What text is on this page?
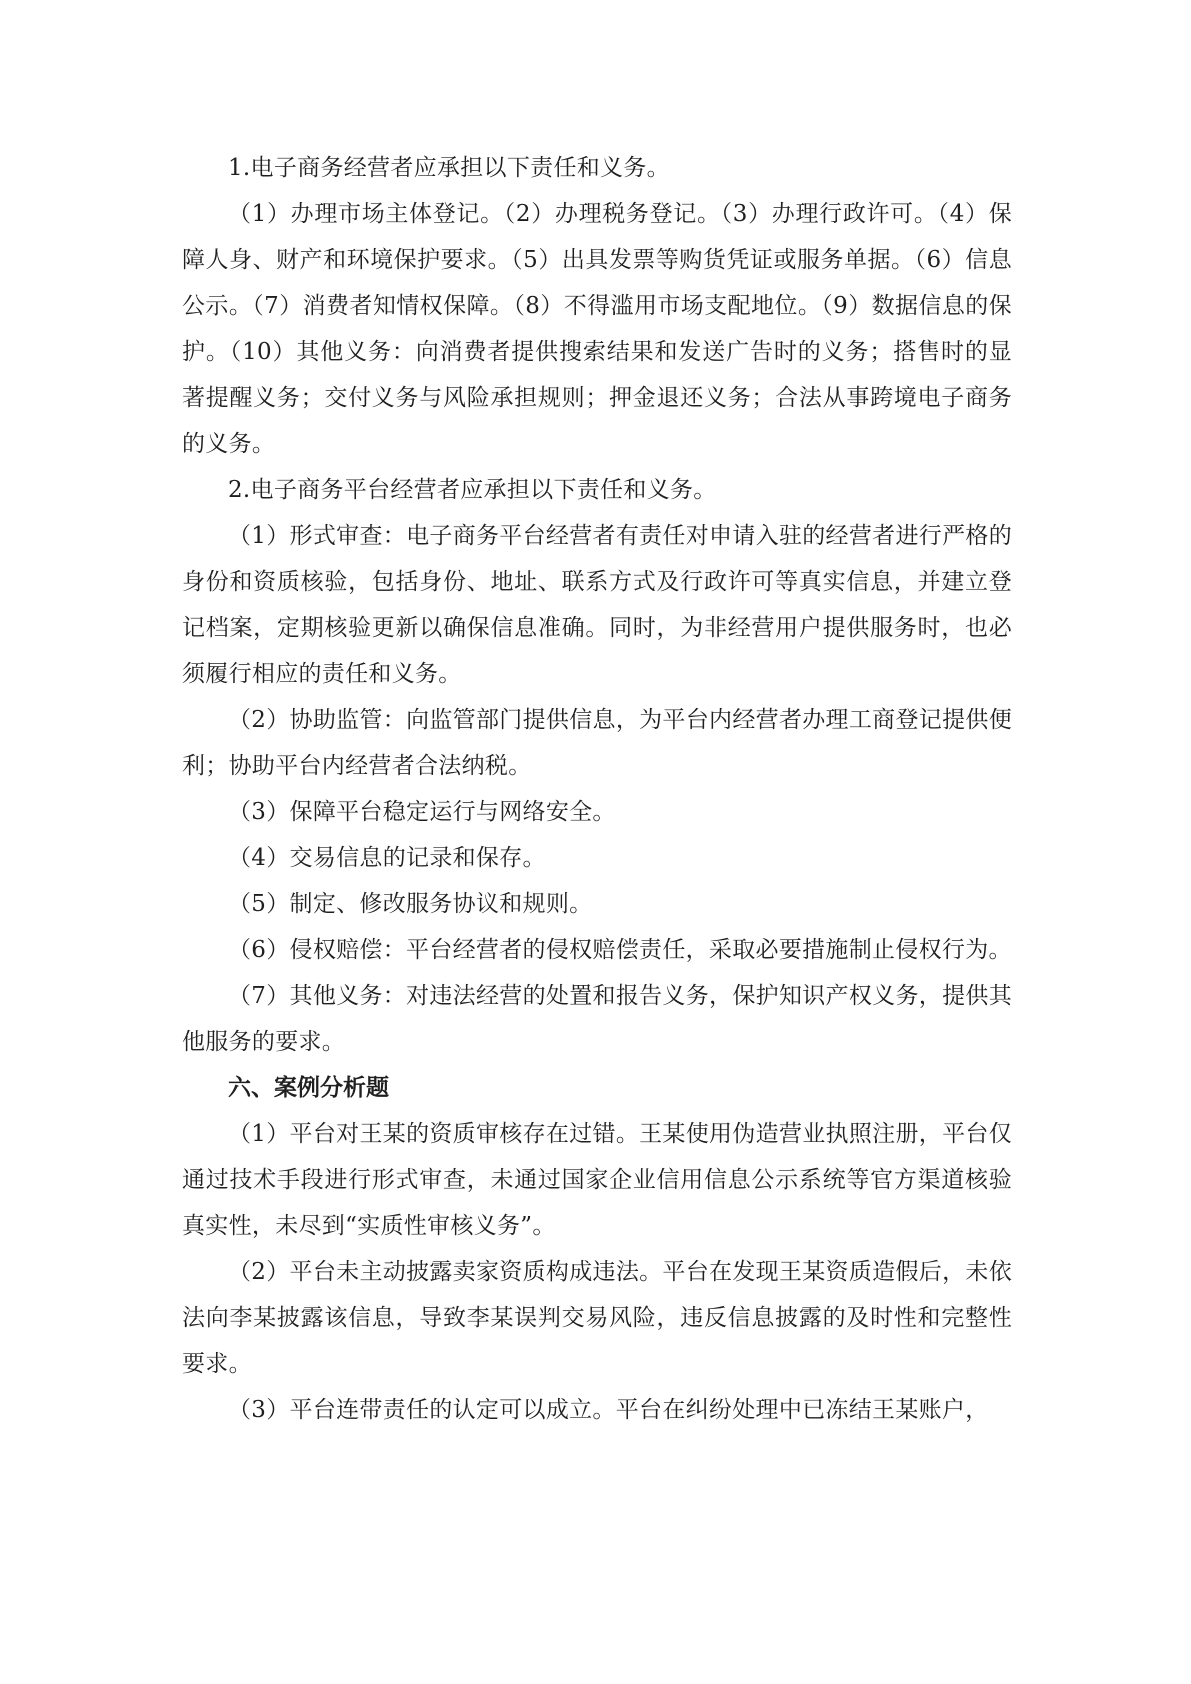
1.电子商务经营者应承担以下责任和义务。

（1）办理市场主体登记。（2）办理税务登记。（3）办理行政许可。（4）保障人身、财产和环境保护要求。（5）出具发票等购货凭证或服务单据。（6）信息公示。（7）消费者知情权保障。（8）不得滥用市场支配地位。（9）数据信息的保护。（10）其他义务：向消费者提供搜索结果和发送广告时的义务；搭售时的显著提醒义务；交付义务与风险承担规则；押金退还义务；合法从事跨境电子商务的义务。

2.电子商务平台经营者应承担以下责任和义务。

（1）形式审查：电子商务平台经营者有责任对申请入驻的经营者进行严格的身份和资质核验，包括身份、地址、联系方式及行政许可等真实信息，并建立登记档案，定期核验更新以确保信息准确。同时，为非经营用户提供服务时，也必须履行相应的责任和义务。

（2）协助监管：向监管部门提供信息，为平台内经营者办理工商登记提供便利；协助平台内经营者合法纳税。

（3）保障平台稳定运行与网络安全。

（4）交易信息的记录和保存。

（5）制定、修改服务协议和规则。

（6）侵权赔偿：平台经营者的侵权赔偿责任，采取必要措施制止侵权行为。

（7）其他义务：对违法经营的处置和报告义务，保护知识产权义务，提供其他服务的要求。

六、案例分析题

（1）平台对王某的资质审核存在过错。王某使用伪造营业执照注册，平台仅通过技术手段进行形式审查，未通过国家企业信用信息公示系统等官方渠道核验真实性，未尽到“实质性审核义务”。

（2）平台未主动披露卖家资质构成违法。平台在发现王某资质造假后，未依法向李某披露该信息，导致李某误判交易风险，违反信息披露的及时性和完整性要求。

（3）平台连带责任的认定可以成立。平台在纠纷处理中已冻结王某账户，
